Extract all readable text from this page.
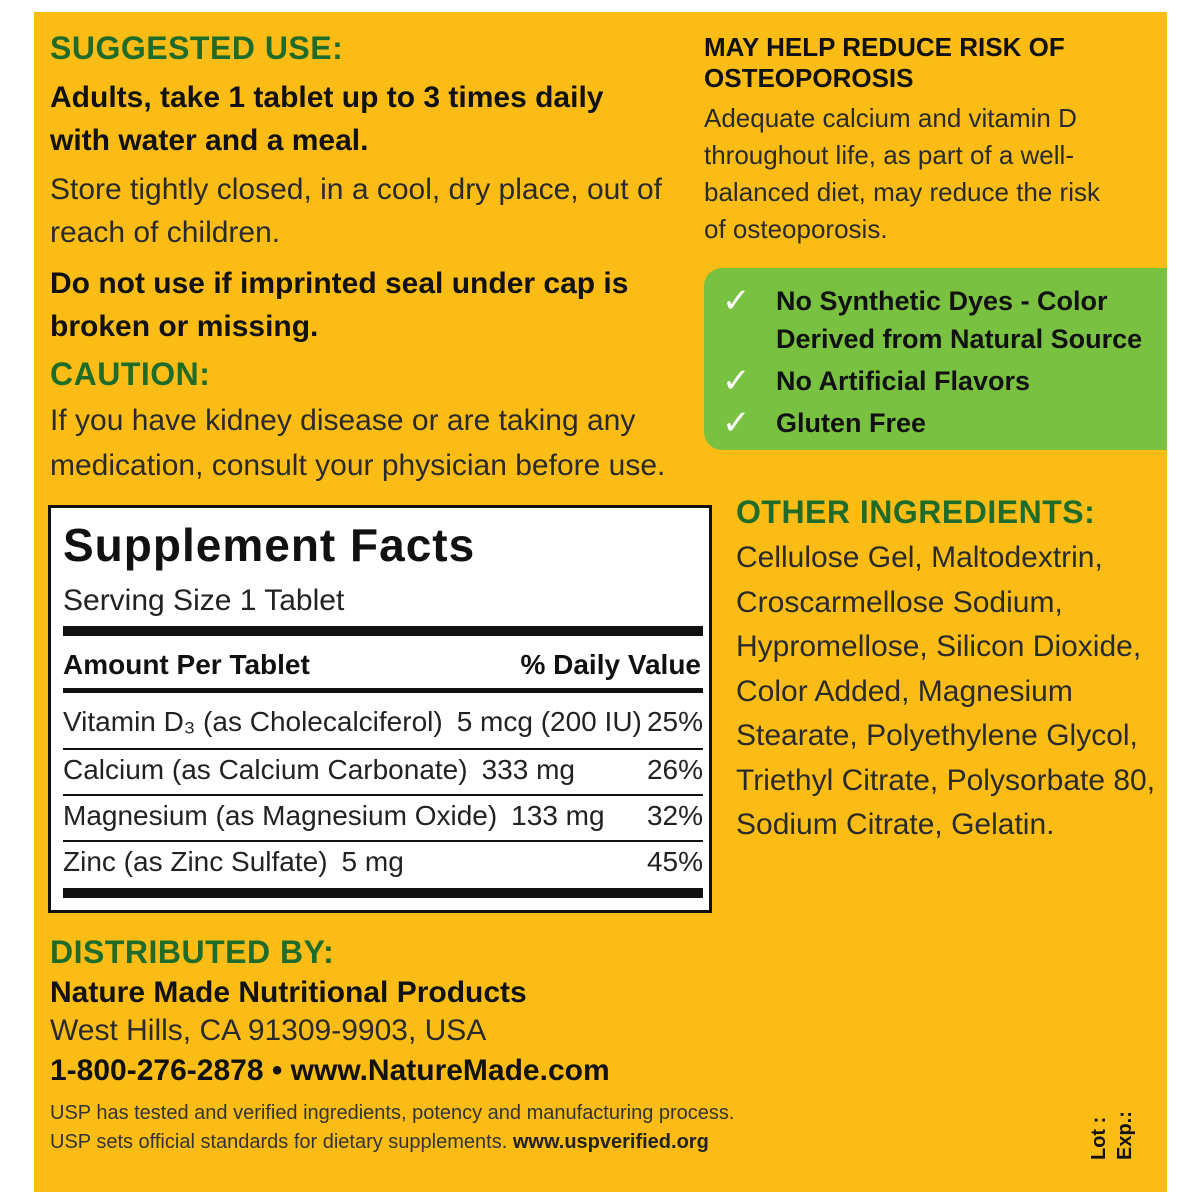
SUGGESTED USE:
Adults, take 1 tablet up to 3 times daily with water and a meal.
Store tightly closed, in a cool, dry place, out of reach of children.
Do not use if imprinted seal under cap is broken or missing.
CAUTION:
If you have kidney disease or are taking any medication, consult your physician before use.
Supplement Facts
Serving Size 1 Tablet
Amount Per Tablet	% Daily Value
Vitamin D₃ (as Cholecalciferol) 5 mcg (200 IU) 25%
Calcium (as Calcium Carbonate) 333 mg	26%
Magnesium (as Magnesium Oxide) 133 mg 32%
Zinc (as Zinc Sulfate) 5 mg	45%
DISTRIBUTED BY:
Nature Made Nutritional Products
West Hills, CA 91309-9903, USA
1-800-276-2878 • www.NatureMade.com
USP has tested and verified ingredients, potency and manufacturing process.
USP sets official standards for dietary supplements. www.uspverified.org
MAY HELP REDUCE RISK OF OSTEOPOROSIS
Adequate calcium and vitamin D throughout life, as part of a well-balanced diet, may reduce the risk of osteoporosis.
✓ No Synthetic Dyes - Color Derived from Natural Source
✓ No Artificial Flavors
✓ Gluten Free
OTHER INGREDIENTS:
Cellulose Gel, Maltodextrin, Croscarmellose Sodium, Hypromellose, Silicon Dioxide, Color Added, Magnesium Stearate, Polyethylene Glycol, Triethyl Citrate, Polysorbate 80, Sodium Citrate, Gelatin.
Lot : Exp.:
